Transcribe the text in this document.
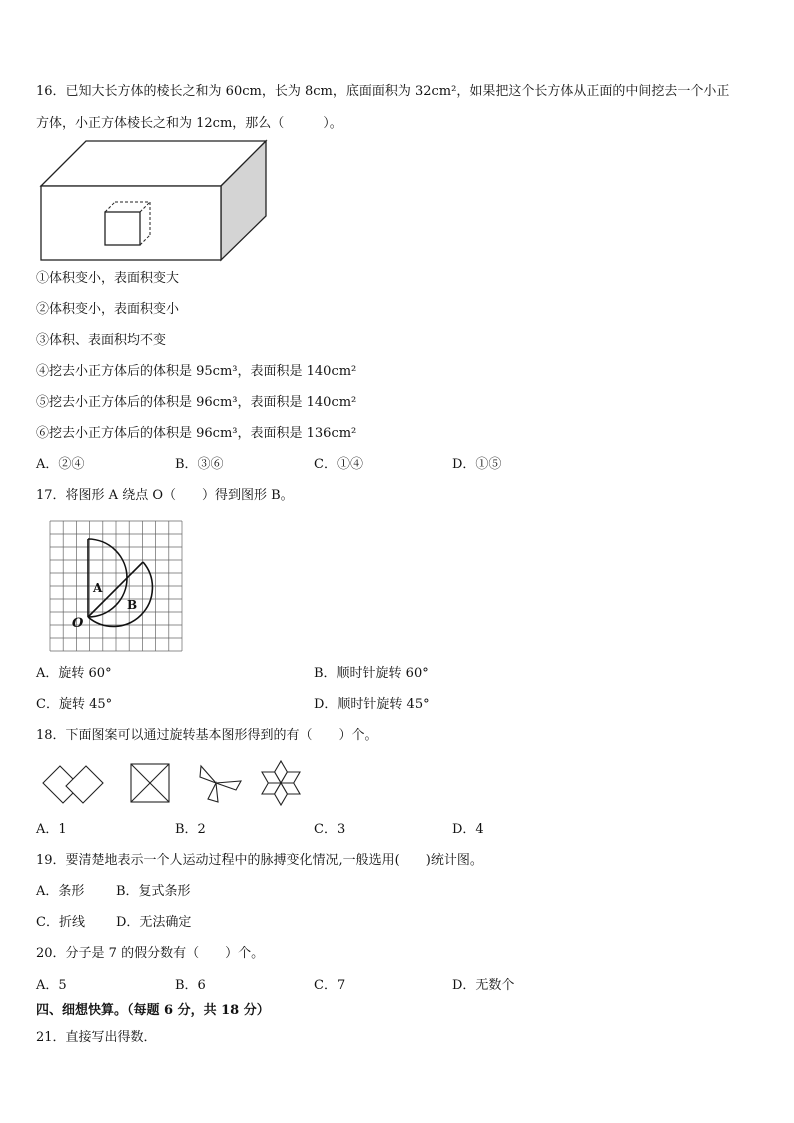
16．已知大长方体的棱长之和为 60cm，长为 8cm，底面面积为 32cm²，如果把这个长方体从正面的中间挖去一个小正
方体，小正方体棱长之和为 12cm，那么（　　　）。
①体积变小，表面积变大
②体积变小，表面积变小
③体积、表面积均不变
④挖去小正方体后的体积是 95cm³，表面积是 140cm²
⑤挖去小正方体后的体积是 96cm³，表面积是 140cm²
⑥挖去小正方体后的体积是 96cm³，表面积是 136cm²
A．②④	B．③⑥	C．①④	D．①⑤
17．将图形 A 绕点 O（　　）得到图形 B。
A
B
O
A．旋转 60°	B．顺时针旋转 60°
C．旋转 45°	D．顺时针旋转 45°
18．下面图案可以通过旋转基本图形得到的有（　　）个。
A．1	B．2	C．3	D．4
19．要清楚地表示一个人运动过程中的脉搏变化情况,一般选用(　　)统计图。
A．条形 B．复式条形
C．折线 D．无法确定
20．分子是 7 的假分数有（　　）个。
A．5	B．6	C．7	D．无数个
四、细想快算。（每题 6 分，共 18 分）
21．直接写出得数．
